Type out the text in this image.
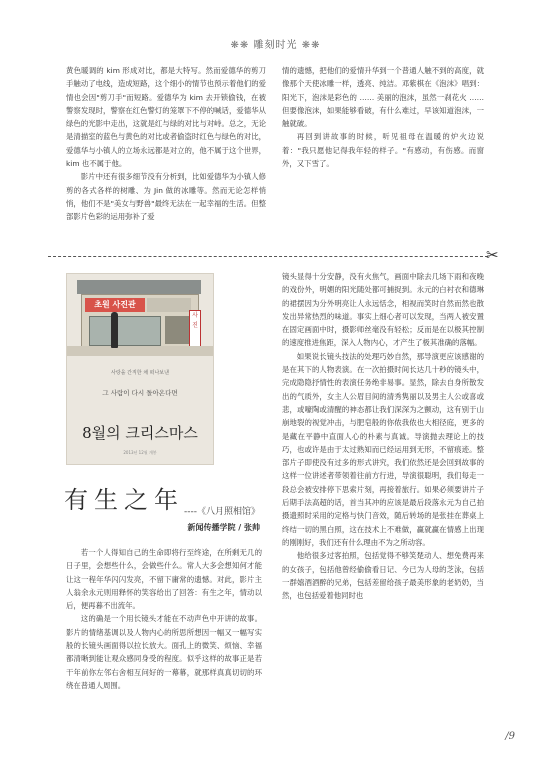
❋❋ 雕刻时光 ❋❋

黄色暖调的 kim 形成对比，都是大特写。然而爱德华的剪刀手触动了电线，造成短路，这个细小的情节也预示着他们的爱情也会因"剪刀手"而短路。爱德华为 kim 去开锁偷钱，在被警察发现时，警察在红色警灯的笼罩下不停的喊话，爱德华从绿色的光影中走出，这就是红与绿的对比与对峙。总之，无论是清描室的蓝色与黄色的对比或者偷盗时红色与绿色的对比，爱德华与小镇人的立场永远都是对立的，他不属于这个世界，kim 也不属于他。

影片中还有很多细节没有分析到，比如爱德华为小镇人修剪的各式各样的树雕、为 Jin 做的冰雕等。然而无论怎样悄悄，他们不是"美女与野兽"最终无法在一起幸福的生活。但整部影片色彩的运用弥补了爱

情的遗憾，把他们的爱情升华到一个普通人触不到的高度，就像那个天使冰雕一样，透亮、纯洁。邓紫棋在《泡沫》唱到：阳光下，泡沫是彩色的 …… 美丽的泡沫，虽然一刹花火 …… 但要像泡沫，如果能够看破，有什么难过，早该知道泡沫，一触就破。

再回到讲故事的时候，听见祖母在温暖的炉火边说着："我只愿他记得我年轻的样子。"有感动，有伤感。而窗外，又下雪了。

✂
초원 사진관
사진
사랑을 간직한 채 떠나보낸
그 사람이 다시 돌아온다면
8월의 크리스마스
2013년 12월 개봉
有生之年 ----《八月照相馆》
新闻传播学院 / 张帅

若一个人得知自己的生命即将行至终途，在所剩无几的日子里，会想些什么，会做些什么。常人大多会想知何才能让这一程年华闪闪发亮，不留下庸常的遗憾。对此，影片主人翁余永元则用释怀的笑容给出了回答：有生之年，情动以后，便再暮不出流年。

这的确是一个用长镜头才能在不动声色中开讲的故事。影片的情绪基调以及人物内心的所思所想因一幅又一幅写实般的长镜头画面得以拉长放大。面孔上的微笑、烦恼、幸福都清晰到能让观众感同身受的程度。似乎这样的故事正是若干年前你左邻右舍相互问好的一幕幕，就那样真真切切的环绕在普通人周围。

镜头显得十分安静，没有火焦气，画面中除去几场下雨和夜晚的戏份外，明媚的阳光随处都可捕捉到。永元的白衬衣和德琳的裙摆因为分外明亮让人永远恬念，相视而笑时自然而然也散发出异常热烈的味道。事实上细心者可以发现，当两人被安置在固定画面中时，摄影师丝毫没有轻松；反而是在以极其控制的速度推进焦距，深入人物内心，才产生了极其准确的落幅。

如果说长镜头技法的处理巧妙自然，那导演更应该感谢的是在其下的人物表演。在一次拍摄时间长达几十秒的镜头中，完成隐隐抒情性的表演任务绝非易事。显然，除去自身所散发出的气质外，女主人公眉目间的清秀隽丽以及男主人公或喜或悲，或嚎陶或清醒的神态都让我们深深为之颤动，这有别于山崩地裂的视觉冲击，与肥皂般的你侬我侬也大相径庭，更多的是藏在平静中直面人心的朴素与真诚。导演抛去理论上的技巧，也或许是由于太过熟知而已经运用到无形，不留痕迹。整部片子即使没有过多的形式讲究，我们依然还是会回到故事的这样一位讲述者带领着往前方行进，导演很聪明，我们每走一段总会被安排停下思索片刻，再接着旅行。如果必须要讲片子后期手法高超的话，首当其冲的应该是最后段落永元为自己拍摄遗照时采用的定格与快门音效，随后转场的是张挂在葬桌上终结一切的黑白照，这在技术上不难做，赢就赢在情感上出现的刚刚好，我们还有什么理由不为之所动容。

他给很多过客拍照，包括觉得不够笑楚动人、想免费再来的女孩子，包括他曾经偷偷看日记、今已为人母的芝泳，包括一群嬉酒酒醉的兄弟，包括差留给孩子最美形象的老奶奶，当然，也包括爱着他同时也

/9
